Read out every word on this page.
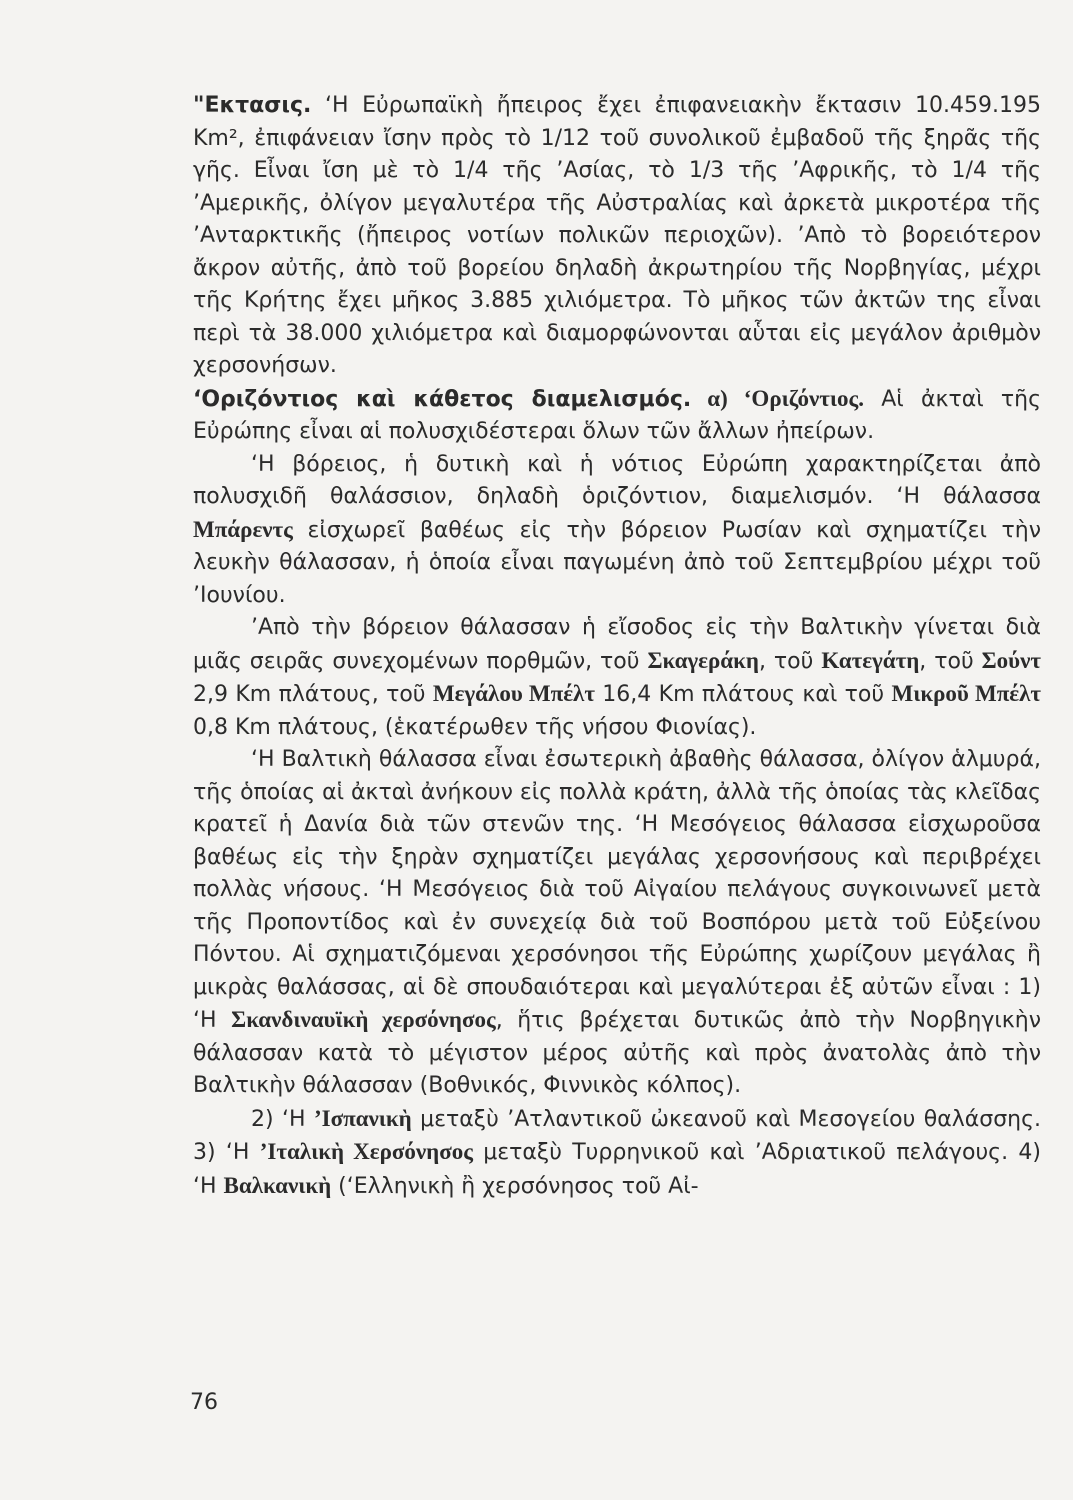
"Εκτασις. ‘Η Εὐρωπαϊκὴ ἤπειρος ἔχει ἐπιφανειακὴν ἔκτασιν 10.459.195 Km², ἐπιφάνειαν ἴσην πρὸς τὸ 1/12 τοῦ συνολικοῦ ἐμβαδοῦ τῆς ξηρᾶς τῆς γῆς. Εἶναι ἴση μὲ τὸ 1/4 τῆς ’Ασίας, τὸ 1/3 τῆς ’Αφρικῆς, τὸ 1/4 τῆς ’Αμερικῆς, ὀλίγον μεγαλυτέρα τῆς Αὐστραλίας καὶ ἀρκετὰ μικροτέρα τῆς ’Ανταρκτικῆς (ἤπειρος νοτίων πολικῶν περιοχῶν). ’Απὸ τὸ βορειότερον ἄκρον αὐτῆς, ἀπὸ τοῦ βορείου δηλαδὴ ἀκρωτηρίου τῆς Νορβηγίας, μέχρι τῆς Κρήτης ἔχει μῆκος 3.885 χιλιόμετρα. Τὸ μῆκος τῶν ἀκτῶν της εἶναι περὶ τὰ 38.000 χιλιόμετρα καὶ διαμορφώνονται αὗται εἰς μεγάλον ἀριθμὸν χερσονήσων.

‘Οριζόντιος καὶ κάθετος διαμελισμός. α) ‘Οριζόντιος. Αἱ ἀκταὶ τῆς Εὐρώπης εἶναι αἱ πολυσχιδέστεραι ὅλων τῶν ἄλλων ἠπείρων.

‘Η βόρειος, ἡ δυτικὴ καὶ ἡ νότιος Εὐρώπη χαρακτηρίζεται ἀπὸ πολυσχιδῆ θαλάσσιον, δηλαδὴ ὁριζόντιον, διαμελισμόν. ‘Η θάλασσα Μπάρεντς εἰσχωρεῖ βαθέως εἰς τὴν βόρειον Ρωσίαν καὶ σχηματίζει τὴν λευκὴν θάλασσαν, ἡ ὁποία εἶναι παγωμένη ἀπὸ τοῦ Σεπτεμβρίου μέχρι τοῦ ’Ιουνίου.

’Απὸ τὴν βόρειον θάλασσαν ἡ εἴσοδος εἰς τὴν Βαλτικὴν γίνεται διὰ μιᾶς σειρᾶς συνεχομένων πορθμῶν, τοῦ Σκαγεράκη, τοῦ Κατεγάτη, τοῦ Σούντ 2,9 Km πλάτους, τοῦ Μεγάλου Μπέλτ 16,4 Km πλάτους καὶ τοῦ Μικροῦ Μπέλτ 0,8 Km πλάτους, (ἑκατέρωθεν τῆς νήσου Φιονίας).

‘Η Βαλτικὴ θάλασσα εἶναι ἐσωτερικὴ ἀβαθὴς θάλασσα, ὀλίγον ἁλμυρά, τῆς ὁποίας αἱ ἀκταὶ ἀνήκουν εἰς πολλὰ κράτη, ἀλλὰ τῆς ὁποίας τὰς κλεῖδας κρατεῖ ἡ Δανία διὰ τῶν στενῶν της. ‘Η Μεσόγειος θάλασσα εἰσχωροῦσα βαθέως εἰς τὴν ξηρὰν σχηματίζει μεγάλας χερσονήσους καὶ περιβρέχει πολλὰς νήσους. ‘Η Μεσόγειος διὰ τοῦ Αἰγαίου πελάγους συγκοινωνεῖ μετὰ τῆς Προποντίδος καὶ ἐν συνεχείᾳ διὰ τοῦ Βοσπόρου μετὰ τοῦ Εὐξείνου Πόντου. Αἱ σχηματιζόμεναι χερσόνησοι τῆς Εὐρώπης χωρίζουν μεγάλας ἢ μικρὰς θαλάσσας, αἱ δὲ σπουδαιότεραι καὶ μεγαλύτεραι ἐξ αὐτῶν εἶναι : 1) ‘Η Σκανδιναυϊκὴ χερσόνησος, ἥτις βρέχεται δυτικῶς ἀπὸ τὴν Νορβηγικὴν θάλασσαν κατὰ τὸ μέγιστον μέρος αὐτῆς καὶ πρὸς ἀνατολὰς ἀπὸ τὴν Βαλτικὴν θάλασσαν (Βοθνικός, Φιννικὸς κόλπος).

2) ‘Η ’Ισπανικὴ μεταξὺ ’Ατλαντικοῦ ὠκεανοῦ καὶ Μεσογείου θαλάσσης. 3) ‘Η ’Ιταλικὴ Χερσόνησος μεταξὺ Τυρρηνικοῦ καὶ ’Αδριατικοῦ πελάγους. 4) ‘Η Βαλκανικὴ (‘Ελληνικὴ ἢ χερσόνησος τοῦ Αἰ-

76
